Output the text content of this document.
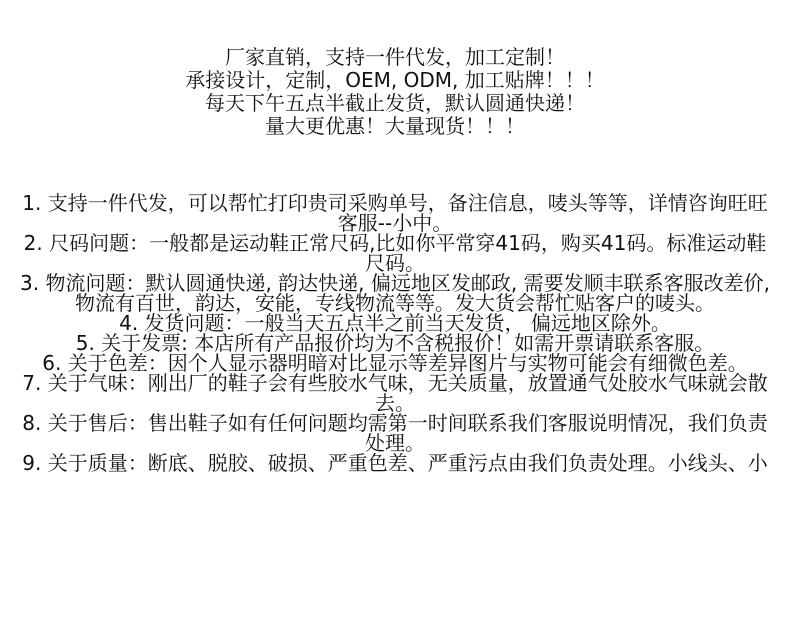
厂家直销，支持一件代发，加工定制！
承接设计，定制，OEM, ODM, 加工贴牌！！！
每天下午五点半截止发货，默认圆通快递！
量大更优惠！大量现货！！！

1. 支持一件代发，可以帮忙打印贵司采购单号，备注信息，唛头等等，详情咨询旺旺客服--小中。

2. 尺码问题：一般都是运动鞋正常尺码,比如你平常穿41码，购买41码。标准运动鞋尺码。

3. 物流问题：默认圆通快递, 韵达快递, 偏远地区发邮政, 需要发顺丰联系客服改差价, 物流有百世，韵达，安能，专线物流等等。发大货会帮忙贴客户的唛头。

4. 发货问题：一般当天五点半之前当天发货， 偏远地区除外。

5. 关于发票: 本店所有产品报价均为不含税报价！如需开票请联系客服。

6. 关于色差：因个人显示器明暗对比显示等差异图片与实物可能会有细微色差。

7. 关于气味：刚出厂的鞋子会有些胶水气味，无关质量，放置通气处胶水气味就会散去。

8. 关于售后：售出鞋子如有任何问题均需第一时间联系我们客服说明情况，我们负责处理。

9. 关于质量：断底、脱胶、破损、严重色差、严重污点由我们负责处理。小线头、小
